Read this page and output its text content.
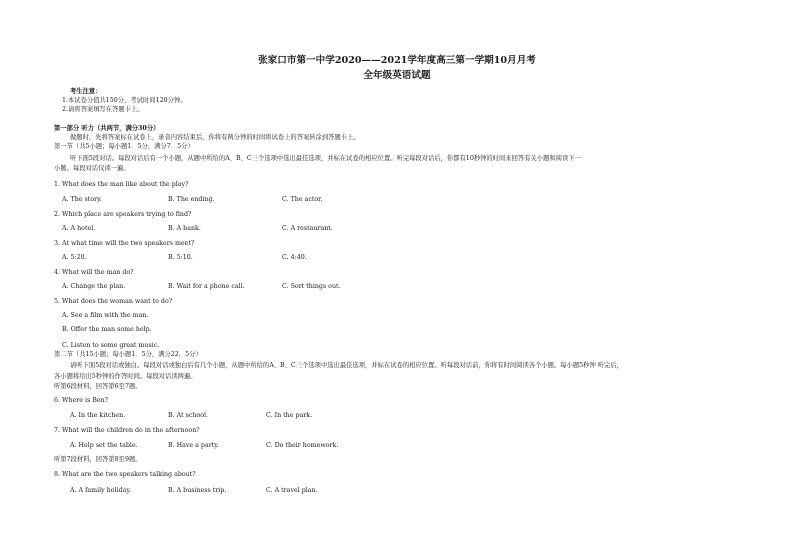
张家口市第一中学2020——2021学年度高三第一学期10月月考
全年级英语试题
考生注意：
1.本试卷分值共150分，考试时间120分钟。
2.请将答案填写在答题卡上。
第一部分 听力（共两节，满分30分）
做题时，先将答案标在试卷上，录音内容结束后，你将有两分钟的时间将试卷上的答案转涂到答题卡上。
第一节（共5小题；每小题1．5分，满分7．5分）
听下面5段对话。每段对话后有一个小题，从题中所给的A、B、C三个选项中选出最佳选项，并标在试卷的相应位置。听完每段对话后，你都有10秒钟的时间来回答有关小题和阅读下一
小题。每段对话仅读一遍。
1. What does the man like about the play?
A. The story.	B. The ending.	C. The actor.
2. Which place are speakers trying to find?
A. A hotel.	B. A bank.	C. A restaurant.
3. At what time will the two speakers meet?
A. 5:20.	B. 5:10.	C. 4:40.
4. What will the man do?
A. Change the plan.	B. Wait for a phone call.	C. Sort things out.
5. What does the woman want to do?
A. See a film with the man.
B. Offer the man some help.
C. Listen to some great music.
第二节（共15小题；每小题1．5分，满分22．5分）
请听下面5段对话或独白。每段对话或独白后有几个小题，从题中所给的A、B、C三个选项中选出最佳选项，并标在试卷的相应位置。听每段对话前，你将有时间阅读各个小题。每小题5秒钟 听完后，
各小题将给出5秒钟的作答时间。每段对话读两遍。
听第6段材料，回答第6至7题。
6. Where is Ben?
A. In the kitchen.	B. At school.	C. In the park.
7. What will the children do in the afternoon?
A. Help set the table.	B. Have a party.	C. Do their homework.
听第7段材料，回答第8至9题。
8. What are the two speakers talking about?
A. A family holiday.	B. A business trip.	C. A travel plan.
